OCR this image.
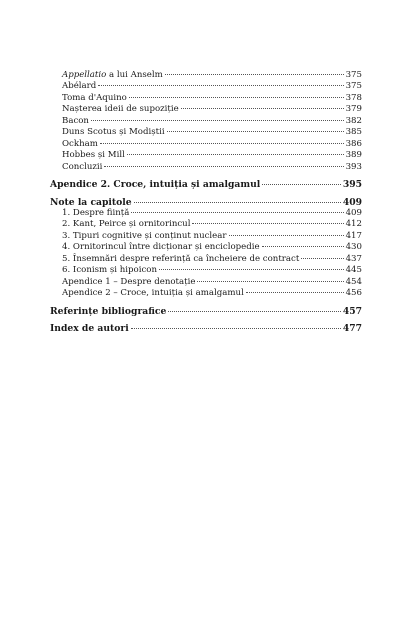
Appellatio a lui Anselm	375
Abélard	375
Toma d'Aquino	378
Nașterea ideii de supoziție	379
Bacon	382
Duns Scotus și Modiștii	385
Ockham	386
Hobbes și Mill	389
Concluzii	393
Apendice 2. Croce, intuiția și amalgamul	395
Note la capitole	409
1. Despre ființă	409
2. Kant, Peirce și ornitorincul	412
3. Tipuri cognitive și conținut nuclear	417
4. Ornitorincul între dicționar și enciclopedie	430
5. Însemnări despre referință ca încheiere de contract	437
6. Iconism și hipoicon	445
Apendice 1 – Despre denotație	454
Apendice 2 – Croce, intuiția și amalgamul	456
Referințe bibliografice	457
Index de autori	477
